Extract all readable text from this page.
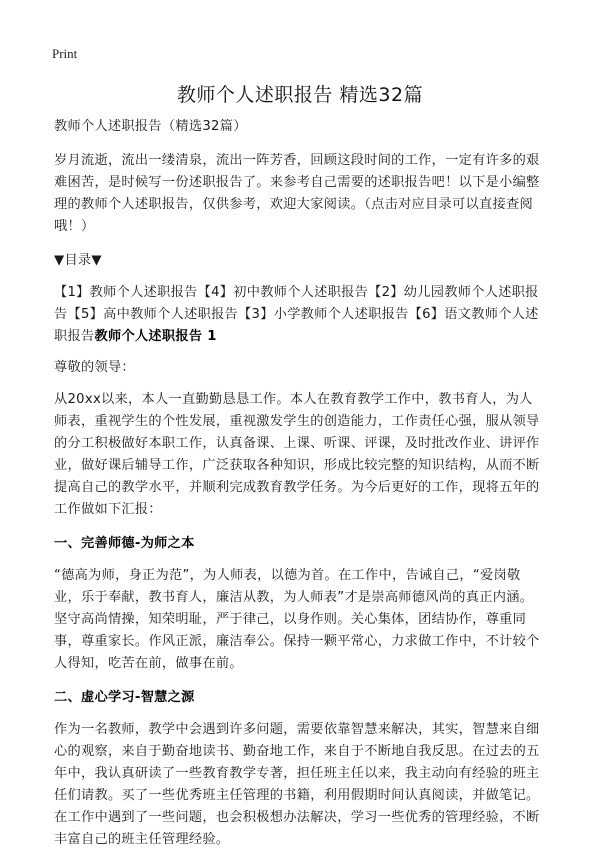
Print
教师个人述职报告 精选32篇

教师个人述职报告（精选32篇）

岁月流逝，流出一缕清泉，流出一阵芳香，回顾这段时间的工作，一定有许多的艰难困苦，是时候写一份述职报告了。来参考自己需要的述职报告吧！以下是小编整理的教师个人述职报告，仅供参考，欢迎大家阅读。（点击对应目录可以直接查阅哦！）

▼目录▼

【1】教师个人述职报告【4】初中教师个人述职报告【2】幼儿园教师个人述职报告【5】高中教师个人述职报告【3】小学教师个人述职报告【6】语文教师个人述职报告教师个人述职报告 1

尊敬的领导：

从20xx以来，本人一直勤勤恳恳工作。本人在教育教学工作中，教书育人，为人师表，重视学生的个性发展，重视激发学生的创造能力，工作责任心强，服从领导的分工积极做好本职工作，认真备课、上课、听课、评课，及时批改作业、讲评作业，做好课后辅导工作，广泛获取各种知识，形成比较完整的知识结构，从而不断提高自己的教学水平，并顺利完成教育教学任务。为今后更好的工作，现将五年的工作做如下汇报：

一、完善师德-为师之本

“德高为师，身正为范”，为人师表，以德为首。在工作中，告诫自己，“爱岗敬业，乐于奉献，教书育人，廉洁从教，为人师表”才是崇高师德风尚的真正内涵。坚守高尚情操，知荣明耻，严于律己，以身作则。关心集体，团结协作，尊重同事，尊重家长。作风正派，廉洁奉公。保持一颗平常心，力求做工作中，不计较个人得知，吃苦在前，做事在前。

二、虚心学习-智慧之源

作为一名教师，教学中会遇到许多问题，需要依靠智慧来解决，其实，智慧来自细心的观察，来自于勤奋地读书、勤奋地工作，来自于不断地自我反思。在过去的五年中，我认真研读了一些教育教学专著，担任班主任以来，我主动向有经验的班主任们请教。买了一些优秀班主任管理的书籍，利用假期时间认真阅读，并做笔记。在工作中遇到了一些问题，也会积极想办法解决，学习一些优秀的管理经验，不断丰富自己的班主任管理经验。
